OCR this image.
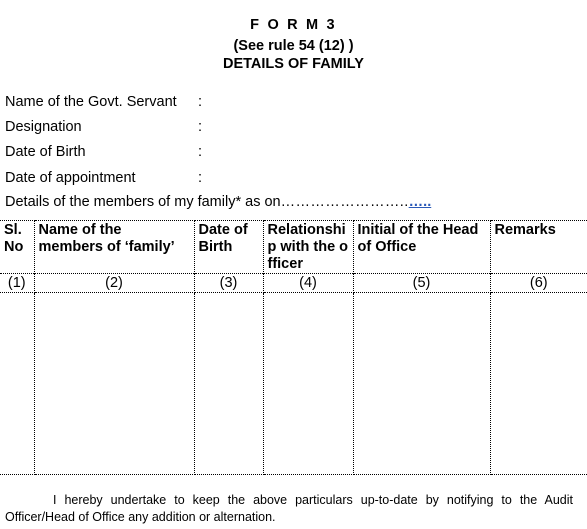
F O R M 3
(See rule 54 (12) )
DETAILS OF FAMILY
Name of the Govt. Servant :
Designation	:
Date of Birth	:
Date of appointment	:
Details of the members of my family* as on……………………..…..
Sl. No	Name of the members of ‘family’	Date of Birth	Relationship with the officer	Initial of the Head of Office	Remarks
(1)	(2)	(3)	(4)	(5)	(6)

I hereby undertake to keep the above particulars up-to-date by notifying to the Audit Officer/Head of Office any addition or alternation.
